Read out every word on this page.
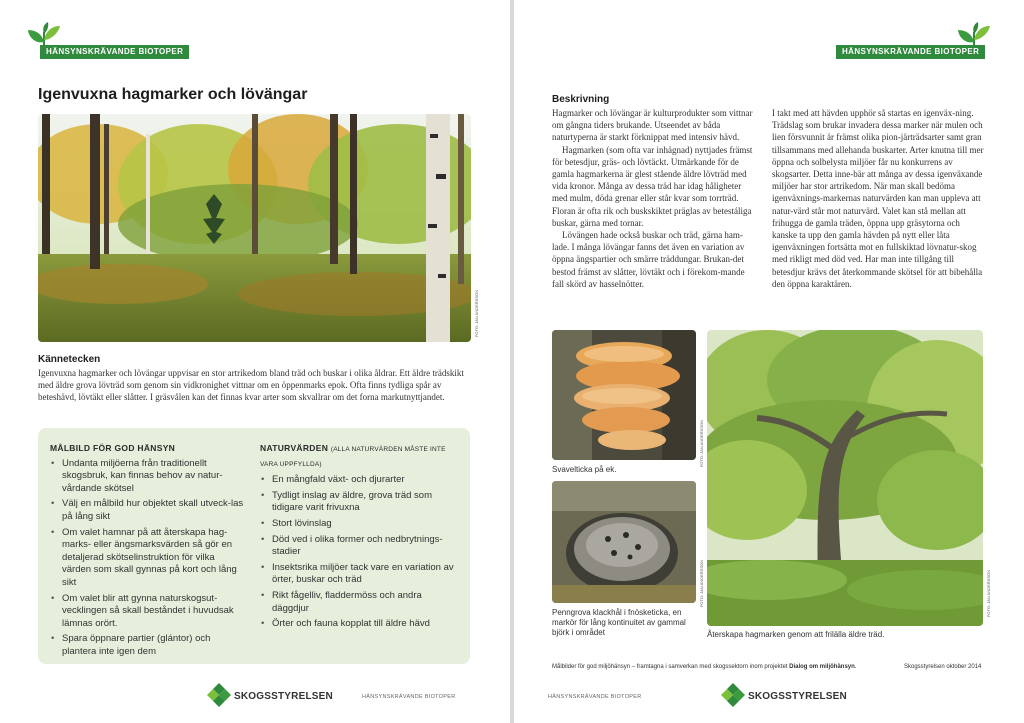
HÄNSYNSKRÄVANDE BIOTOPER
Igenvuxna hagmarker och lövängar
FOTO: JAN ANDERSSON
Kännetecken

Igenvuxna hagmarker och lövängar uppvisar en stor artrikedom bland träd och buskar i olika åldrar. Ett äldre trädskikt med äldre grova lövträd som genom sin vidkronighet vittnar om en öppenmarks epok. Ofta finns tydliga spår av beteshävd, lövtäkt eller slåtter. I gräsvålen kan det finnas kvar arter som skvallrar om det forna markutnyttjandet.

MÅLBILD FÖR GOD HÄNSYN
• Undanta miljöerna från traditionellt skogsbruk, kan finnas behov av natur-vårdande skötsel
• Välj en målbild hur objektet skall utveck-las på lång sikt
• Om valet hamnar på att återskapa hag-marks- eller ängsmarksvärden så gör en detaljerad skötselinstruktion för vilka värden som skall gynnas på kort och lång sikt
• Om valet blir att gynna naturskogsut-vecklingen så skall beståndet i huvudsak lämnas orört.
• Spara öppnare partier (glántor) och plantera inte igen dem
NATURVÄRDEN (ALLA NATURVÄRDEN MÅSTE INTE VARA UPPFYLLDA)
• En mångfald växt- och djurarter
• Tydligt inslag av äldre, grova träd som tidigare varit frivuxna
• Stort lövinslag
• Död ved i olika former och nedbrytnings-stadier
• Insektsrika miljöer tack vare en variation av örter, buskar och träd
• Rikt fågelliv, fladdermöss och andra däggdjur
• Örter och fauna kopplat till äldre hävd
SKOGSSTYRELSEN	HÄNSYNSKRÄVANDE BIOTOPER
HÄNSYNSKRÄVANDE BIOTOPER
Beskrivning

Hagmarker och lövängar är kulturprodukter som vittnar om gångna tiders brukande. Utseendet av båda naturtyperna är starkt förknippat med intensiv hävd.

Hagmarken (som ofta var inhägnad) nyttjades främst för betesdjur, gräs- och lövtäckt. Utmärkande för de gamla hagmarkerna är glest stående äldre lövträd med vida kronor. Många av dessa träd har idag håligheter med mulm, döda grenar eller står kvar som torrträd. Floran är ofta rik och buskskiktet präglas av betestáliga buskar, gärna med tornar.

Lövängen hade också buskar och träd, gärna ham-lade. I många lövängar fanns det även en variation av öppna ängspartier och smärre träddungar. Brukan-det bestod främst av slåtter, lövtäkt och i förekom-mande fall skörd av hasselnötter.

I takt med att hävden upphör så startas en igenväx-ning. Trädslag som brukar invadera dessa marker när mulen och lien försvunnit är främst olika pion-järträdsarter samt gran tillsammans med allehanda buskarter. Arter knutna till mer öppna och solbelysta miljöer får nu konkurrens av skogsarter. Detta inne-bär att många av dessa igenväxande miljöer har stor artrikedom. När man skall bedöma igenväxnings-markernas naturvärden kan man uppleva att natur-värd står mot naturvärd. Valet kan stå mellan att frihugga de gamla träden, öppna upp gräsytorna och kanske ta upp den gamla hävden på nytt eller låta igenväxningen fortsätta mot en fullskiktad lövnatur-skog med rikligt med död ved. Har man inte tillgång till betesdjur krävs det återkommande skötsel för att bibehålla den öppna karaktären.

FOTO: JAN ANDERSSON
Svavelticka på ek.
FOTO: JAN ANDERSSON
Penngrova klackhål i fnösketicka, en markör för lång kontinuitet av gammal björk i området
FOTO: JAN ANDERSSON
Återskapa hagmarken genom att frilälla äldre träd.
Målbilder för god miljöhänsyn – framtagna i samverkan med skogssektorn inom projektet Dialog om miljöhänsyn.	Skogsstyrelsen oktober 2014
HÄNSYNSKRÄVANDE BIOTOPER	SKOGSSTYRELSEN
